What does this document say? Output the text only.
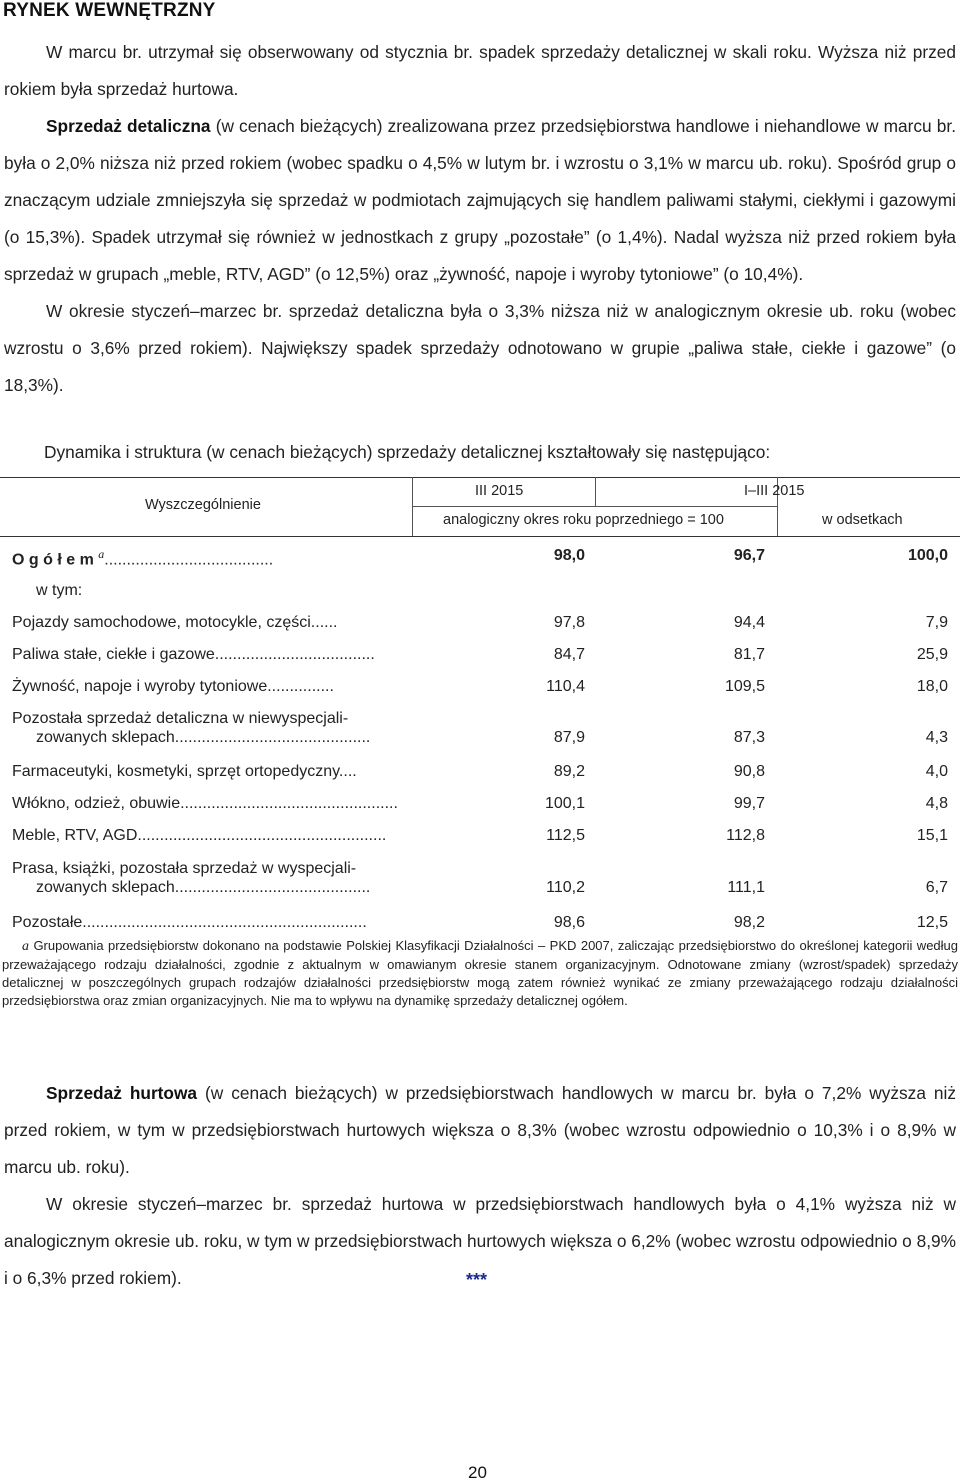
RYNEK WEWNĘTRZNY

W marcu br. utrzymał się obserwowany od stycznia br. spadek sprzedaży detalicznej w skali roku. Wyższa niż przed rokiem była sprzedaż hurtowa.

Sprzedaż detaliczna (w cenach bieżących) zrealizowana przez przedsiębiorstwa handlowe i niehandlowe w marcu br. była o 2,0% niższa niż przed rokiem (wobec spadku o 4,5% w lutym br. i wzrostu o 3,1% w marcu ub. roku). Spośród grup o znaczącym udziale zmniejszyła się sprzedaż w podmiotach zajmujących się handlem paliwami stałymi, ciekłymi i gazowymi (o 15,3%). Spadek utrzymał się również w jednostkach z grupy „pozostałe” (o 1,4%). Nadal wyższa niż przed rokiem była sprzedaż w grupach „meble, RTV, AGD” (o 12,5%) oraz „żywność, napoje i wyroby tytoniowe” (o 10,4%).

W okresie styczeń–marzec br. sprzedaż detaliczna była o 3,3% niższa niż w analogicznym okresie ub. roku (wobec wzrostu o 3,6% przed rokiem). Największy spadek sprzedaży odnotowano w grupie „paliwa stałe, ciekłe i gazowe” (o 18,3%).

Dynamika i struktura (w cenach bieżących) sprzedaży detalicznej kształtowały się następująco:
Wyszczególnienie
III 2015	I–III 2015
analogiczny okres roku poprzedniego = 100	w odsetkach
O g ó ł e m $^a$......................................	98,0	96,7	100,0
w tym:
Pojazdy samochodowe, motocykle, części......	97,8	94,4	7,9
Paliwa stałe, ciekłe i gazowe....................................	84,7	81,7	25,9
Żywność, napoje i wyroby tytoniowe...............	110,4	109,5	18,0
Pozostała sprzedaż detaliczna w niewyspecjali-
zowanych sklepach............................................	87,9	87,3	4,3
Farmaceutyki, kosmetyki, sprzęt ortopedyczny....	89,2	90,8	4,0
Włókno, odzież, obuwie.................................................	100,1	99,7	4,8
Meble, RTV, AGD........................................................	112,5	112,8	15,1
Prasa, książki, pozostała sprzedaż w wyspecjali-
zowanych sklepach............................................	110,2	111,1	6,7
Pozostałe................................................................	98,6	98,2	12,5
a Grupowania przedsiębiorstw dokonano na podstawie Polskiej Klasyfikacji Działalności – PKD 2007, zaliczając przedsiębiorstwo do określonej kategorii według przeważającego rodzaju działalności, zgodnie z aktualnym w omawianym okresie stanem organizacyjnym. Odnotowane zmiany (wzrost/spadek) sprzedaży detalicznej w poszczególnych grupach rodzajów działalności przedsiębiorstw mogą zatem również wynikać ze zmiany przeważającego rodzaju działalności przedsiębiorstwa oraz zmian organizacyjnych. Nie ma to wpływu na dynamikę sprzedaży detalicznej ogółem.

Sprzedaż hurtowa (w cenach bieżących) w przedsiębiorstwach handlowych w marcu br. była o 7,2% wyższa niż przed rokiem, w tym w przedsiębiorstwach hurtowych większa o 8,3% (wobec wzrostu odpowiednio o 10,3% i o 8,9% w marcu ub. roku).

W okresie styczeń–marzec br. sprzedaż hurtowa w przedsiębiorstwach handlowych była o 4,1% wyższa niż w analogicznym okresie ub. roku, w tym w przedsiębiorstwach hurtowych większa o 6,2% (wobec wzrostu odpowiednio o 8,9% i o 6,3% przed rokiem).	***
20
